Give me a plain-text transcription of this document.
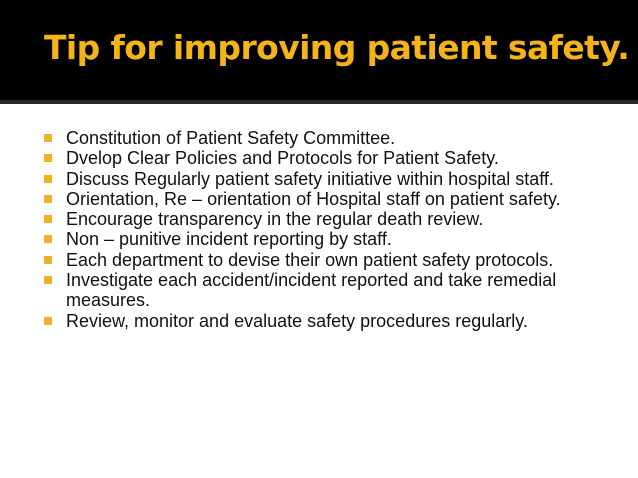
Tip for improving patient safety.
Constitution of Patient Safety Committee.
Dvelop Clear Policies and Protocols for Patient Safety.
Discuss Regularly patient safety initiative within hospital staff.
Orientation, Re – orientation of Hospital staff on patient safety.
Encourage transparency in the regular death review.
Non – punitive incident reporting by staff.
Each department to devise their own patient safety protocols.
Investigate each accident/incident reported and take remedial measures.
Review, monitor and evaluate safety procedures regularly.
